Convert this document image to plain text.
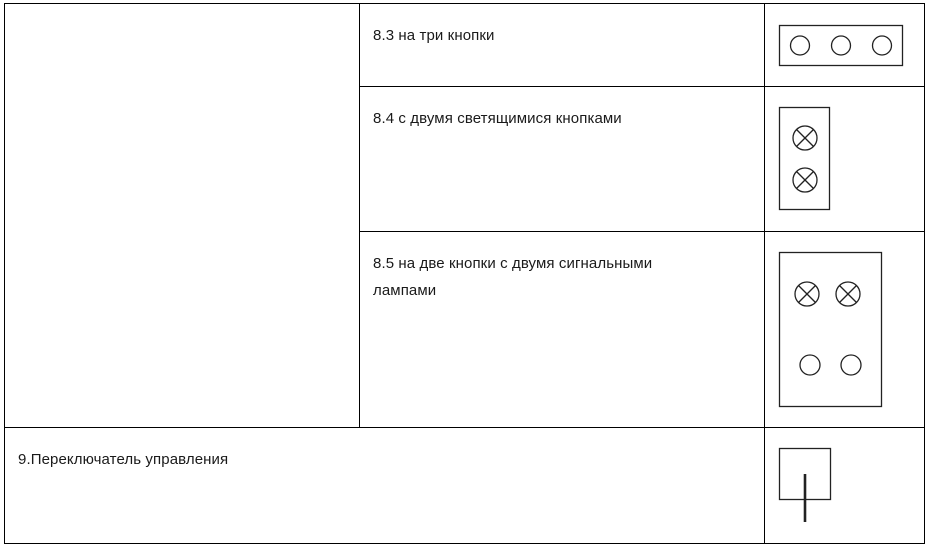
8.3 на три кнопки
8.4 с двумя светящимися кнопками
8.5 на две кнопки с двумя сигнальными
лампами
9.Переключатель управления
